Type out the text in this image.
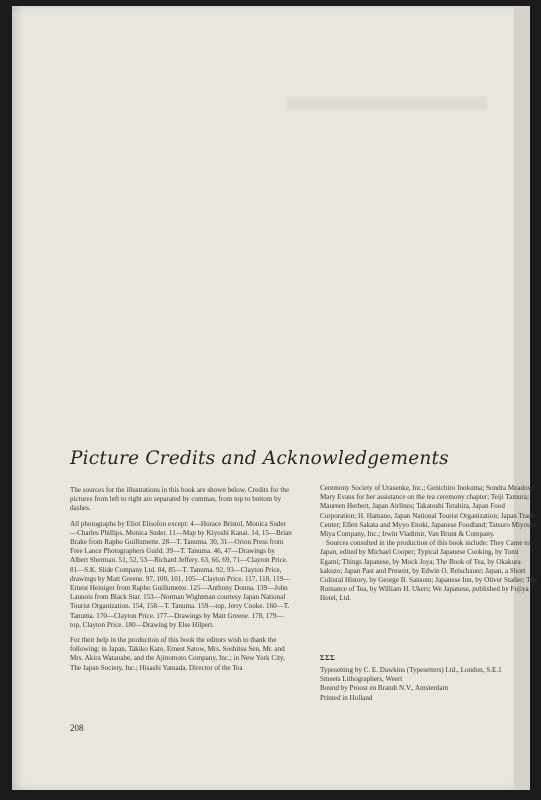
Picture Credits and Acknowledgements

The sources for the illustrations in this book are shown below. Credits for the pictures from left to right are separated by commas, from top to bottom by dashes.

All photographs by Eliot Elisofon except: 4—Horace Bristol, Monica Suder—Charles Phillips, Monica Suder. 11—Map by Kiyoshi Kanai. 14, 15—Brian Brake from Rapho Guillumette. 28—T. Tanuma. 30, 31—Orion Press from Free Lance Photographers Guild. 39—T. Tanuma. 46, 47—Drawings by Albert Sherman. 51, 52, 53—Richard Jeffery. 63, 66, 69, 71—Clayton Price. 81—S.K. Slide Company Ltd. 84, 85—T. Tanuma. 92, 93—Clayton Price, drawings by Matt Greene. 97, 100, 101, 105—Clayton Price. 117, 118, 119—Ernest Heiniger from Rapho Guillumette. 125—Anthony Donna. 139—John Launois from Black Star. 153—Norman Wightman courtesy Japan National Tourist Organization. 154, 158—T. Tanuma. 159—top, Jerry Cooke. 160—T. Tanuma. 170—Clayton Price. 177—Drawings by Matt Greene. 178, 179—top, Clayton Price. 180—Drawing by Else Hilpert.

For their help in the production of this book the editors wish to thank the following: in Japan, Takiko Kato, Ernest Satow, Mrs. Soshitsu Sen, Mr. and Mrs. Akira Watanabe, and the Ajinomoto Company, Inc.; in New York City, The Japan Society, Inc.; Hisashi Yamada, Director of the Tea

Ceremony Society of Urasenke, Inc.; Genichiro Inokuma; Sondra Meadow; Mary Evans for her assistance on the tea ceremony chapter; Teiji Tamura; Maureen Herbert, Japan Airlines; Takatoshi Terahira, Japan Food Corporation; H. Hamano, Japan National Tourist Organization; Japan Trade Center; Ellen Sakata and Myyo Enoki, Japanese Foodland; Tatsuro Miyoshi, Miya Company, Inc.; Irwin Vladimir, Van Brunt & Company.

Sources consulted in the production of this book include: They Came to Japan, edited by Michael Cooper; Typical Japanese Cooking, by Tomi Egami; Things Japanese, by Mock Joya; The Book of Tea, by Okakura kakuzo; Japan Past and Present, by Edwin O. Reischauer; Japan, a Short Cultural History, by George B. Sansom; Japanese Inn, by Oliver Statler; The Romance of Tea, by William H. Ukers; We Japanese, published by Fujiya Hotel, Ltd.

ΣΣΣ
Typesetting by C. E. Dawkins (Typesetters) Ltd., London, S.E.1
Smeets Lithographers, Weert
Bound by Proost en Brandt N.V., Amsterdam
Printed in Holland
208
